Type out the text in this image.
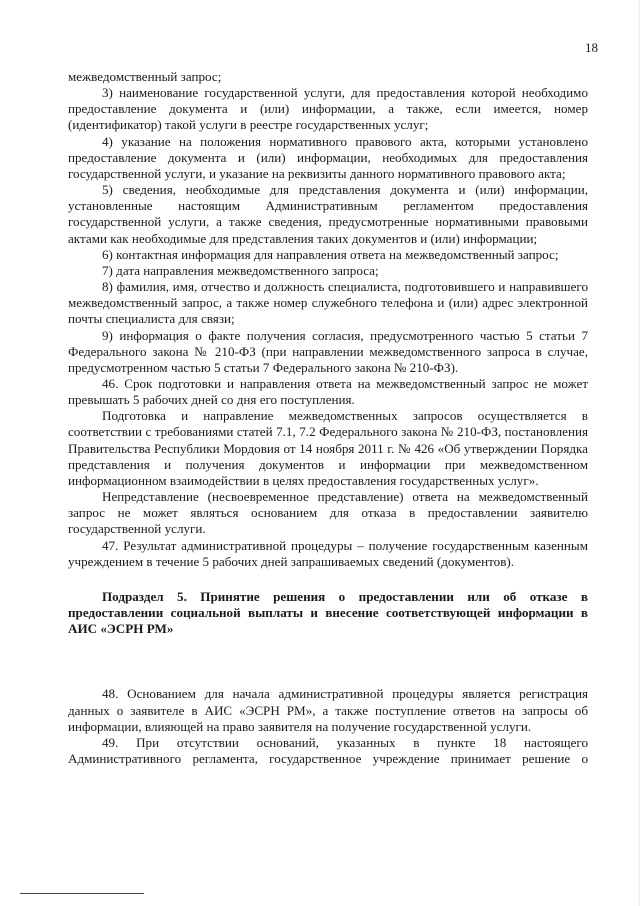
18

межведомственный запрос;

3) наименование государственной услуги, для предоставления которой необходимо предоставление документа и (или) информации, а также, если имеется, номер (идентификатор) такой услуги в реестре государственных услуг;

4) указание на положения нормативного правового акта, которыми установлено предоставление документа и (или) информации, необходимых для предоставления государственной услуги, и указание на реквизиты данного нормативного правового акта;

5) сведения, необходимые для представления документа и (или) информации, установленные настоящим Административным регламентом предоставления государственной услуги, а также сведения, предусмотренные нормативными правовыми актами как необходимые для представления таких документов и (или) информации;

6) контактная информация для направления ответа на межведомственный запрос;

7) дата направления межведомственного запроса;

8) фамилия, имя, отчество и должность специалиста, подготовившего и направившего межведомственный запрос, а также номер служебного телефона и (или) адрес электронной почты специалиста для связи;

9) информация о факте получения согласия, предусмотренного частью 5 статьи 7 Федерального закона № 210-ФЗ (при направлении межведомственного запроса в случае, предусмотренном частью 5 статьи 7 Федерального закона № 210-ФЗ).

46. Срок подготовки и направления ответа на межведомственный запрос не может превышать 5 рабочих дней со дня его поступления.

Подготовка и направление межведомственных запросов осуществляется в соответствии с требованиями статей 7.1, 7.2 Федерального закона № 210-ФЗ, постановления Правительства Республики Мордовия от 14 ноября 2011 г. № 426 «Об утверждении Порядка представления и получения документов и информации при межведомственном информационном взаимодействии в целях предоставления государственных услуг».

Непредставление (несвоевременное представление) ответа на межведомственный запрос не может являться основанием для отказа в предоставлении заявителю государственной услуги.

47. Результат административной процедуры – получение государственным казенным учреждением в течение 5 рабочих дней запрашиваемых сведений (документов).

Подраздел 5. Принятие решения о предоставлении или об отказе в предоставлении социальной выплаты и внесение соответствующей информации в АИС «ЭСРН РМ»

48. Основанием для начала административной процедуры является регистрация данных о заявителе в АИС «ЭСРН РМ», а также поступление ответов на запросы об информации, влияющей на право заявителя на получение государственной услуги.

49. При отсутствии оснований, указанных в пункте 18 настоящего Административного регламента, государственное учреждение принимает решение о
